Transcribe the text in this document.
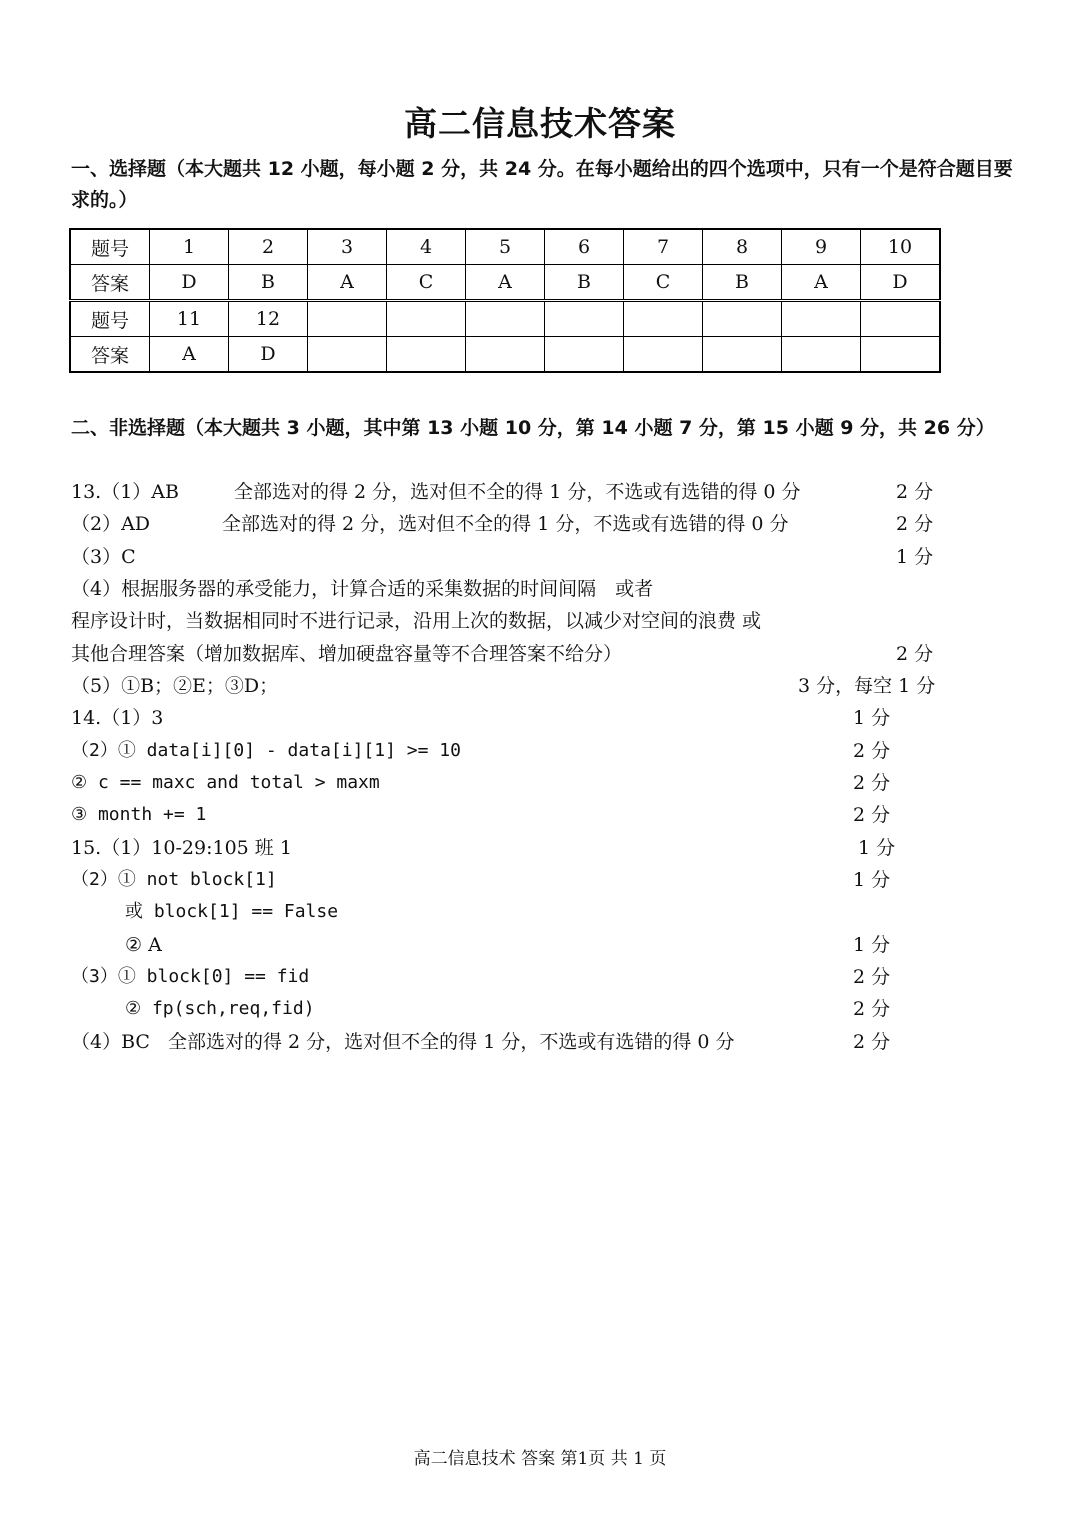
高二信息技术答案
一、选择题（本大题共 12 小题，每小题 2 分，共 24 分。在每小题给出的四个选项中，只有一个是符合题目要求的。）
题号	1	2	3	4	5	6	7	8	9	10
答案	D	B	A	C	A	B	C	B	A	D
题号	11	12								
答案	A	D								
二、非选择题（本大题共 3 小题，其中第 13 小题 10 分，第 14 小题 7 分，第 15 小题 9 分，共 26 分）
13.（1）AB	全部选对的得 2 分，选对但不全的得 1 分，不选或有选错的得 0 分	2 分
（2）AD	全部选对的得 2 分，选对但不全的得 1 分，不选或有选错的得 0 分	2 分
（3）C	1 分
（4）根据服务器的承受能力，计算合适的采集数据的时间间隔　或者
程序设计时，当数据相同时不进行记录，沿用上次的数据，以减少对空间的浪费 或
其他合理答案（增加数据库、增加硬盘容量等不合理答案不给分）	2 分
（5）①B；②E；③D；	3 分，每空 1 分
14.（1）3	1 分
（2）① data[i][0] - data[i][1] >= 10	2 分
② c == maxc and total > maxm	2 分
③ month += 1	2 分
15.（1）10-29:105 班 1	1 分
（2）① not block[1]	1 分
或 block[1] == False
② A	1 分
（3）① block[0] == fid	2 分
② fp(sch,req,fid)	2 分
（4）BC 全部选对的得 2 分，选对但不全的得 1 分，不选或有选错的得 0 分	2 分
高二信息技术 答案 第1页 共 1 页
